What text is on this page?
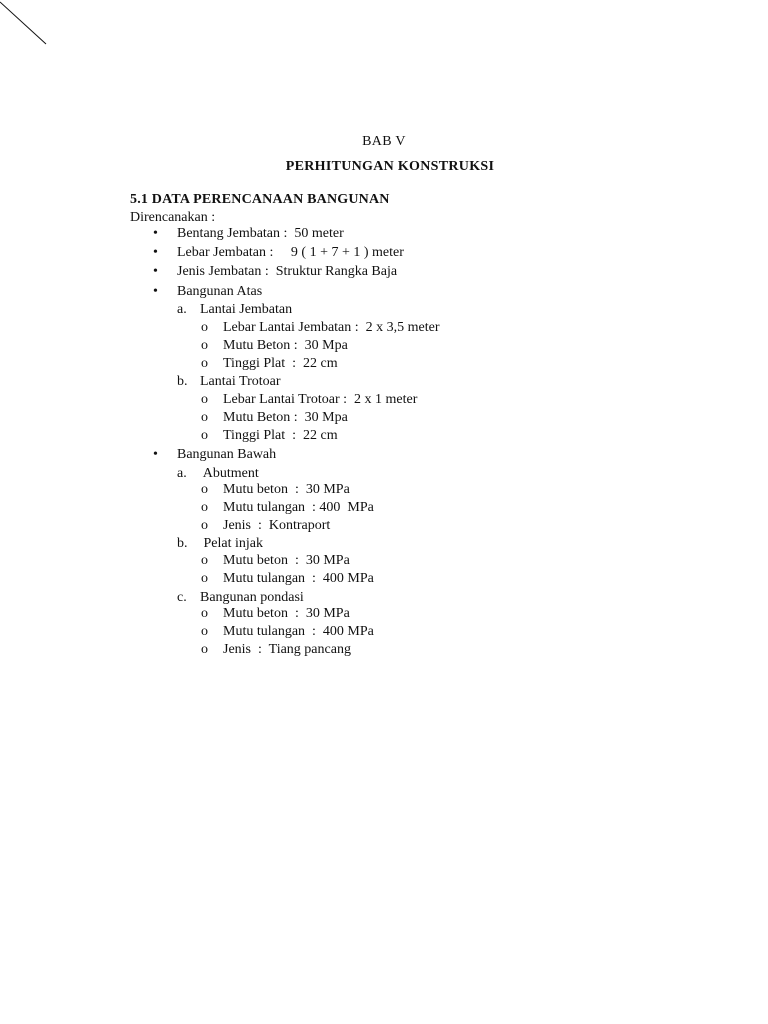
BAB V
PERHITUNGAN KONSTRUKSI
5.1 DATA PERENCANAAN BANGUNAN
Direncanakan :
• Bentang Jembatan :  50 meter
• Lebar Jembatan :     9 ( 1 + 7 + 1 ) meter
• Jenis Jembatan :  Struktur Rangka Baja
• Bangunan Atas
a. Lantai Jembatan
o Lebar Lantai Jembatan :  2 x 3,5 meter
o Mutu Beton :  30 Mpa
o Tinggi Plat  :  22 cm
b. Lantai Trotoar
o Lebar Lantai Trotoar :  2 x 1 meter
o Mutu Beton :  30 Mpa
o Tinggi Plat  :  22 cm
• Bangunan Bawah
a. Abutment
o Mutu beton  :  30 MPa
o Mutu tulangan  : 400  MPa
o Jenis  :  Kontraport
b. Pelat injak
o Mutu beton  :  30 MPa
o Mutu tulangan  :  400 MPa
c. Bangunan pondasi
o Mutu beton  :  30 MPa
o Mutu tulangan  :  400 MPa
o Jenis  :  Tiang pancang
